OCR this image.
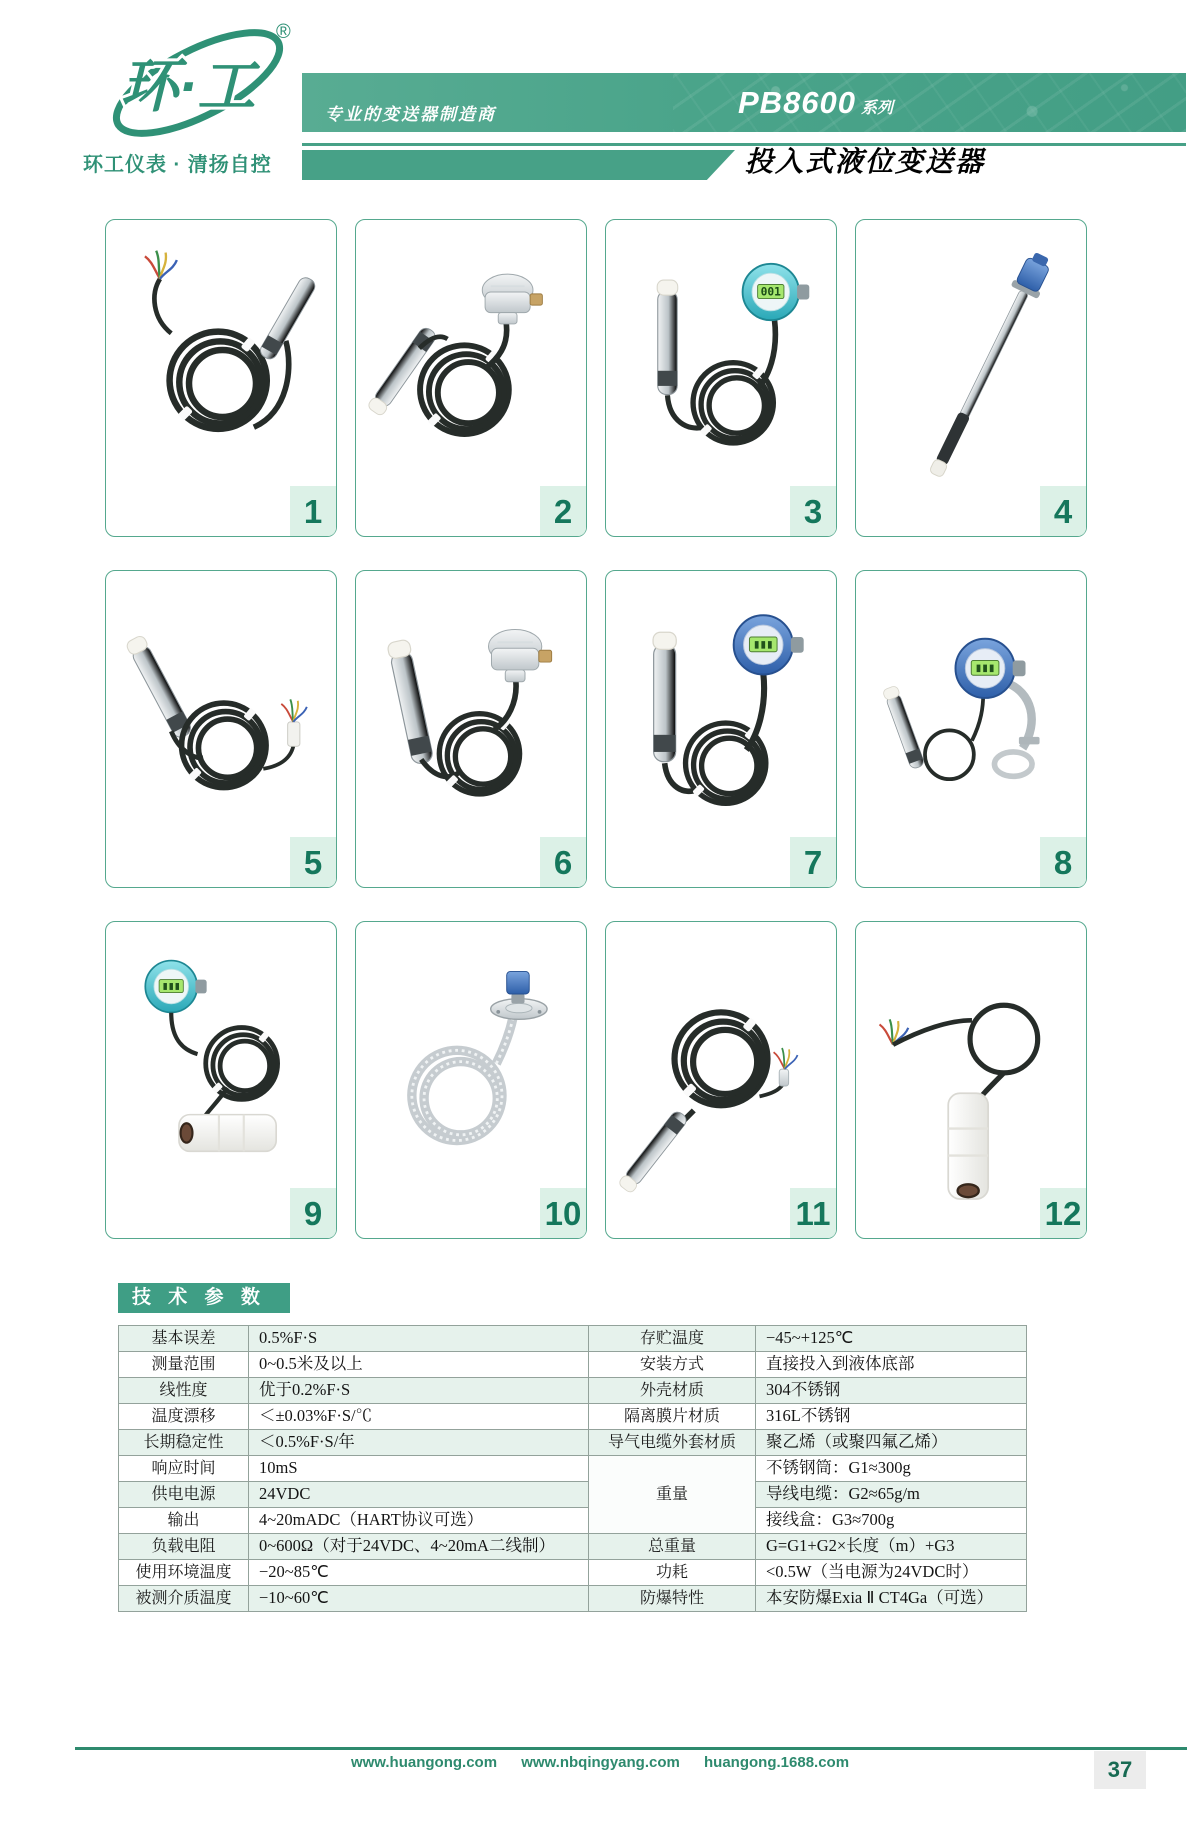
环·工
®
环工仪表 · 清扬自控
专业的变送器制造商	PB8600 系列
投入式液位变送器
1	2
001
3	4
5	6	7	8
9	10	11	12
技 术 参 数
基本误差	0.5%F·S	存贮温度	−45~+125℃
测量范围	0~0.5米及以上	安装方式	直接投入到液体底部
线性度	优于0.2%F·S	外壳材质	304不锈钢
温度漂移	＜±0.03%F·S/℃	隔离膜片材质	316L不锈钢
长期稳定性	＜0.5%F·S/年	导气电缆外套材质	聚乙烯（或聚四氟乙烯）
响应时间	10mS	重量	不锈钢筒：G1≈300g
供电电源	24VDC		导线电缆：G2≈65g/m
输出	4~20mADC（HART协议可选）		接线盒：G3≈700g
负载电阻	0~600Ω（对于24VDC、4~20mA二线制）	总重量	G=G1+G2×长度（m）+G3
使用环境温度	−20~85℃	功耗	<0.5W（当电源为24VDC时）
被测介质温度	−10~60℃	防爆特性	本安防爆Exia Ⅱ CT4Ga（可选）
www.huangong.com www.nbqingyang.com huangong.1688.com	37
